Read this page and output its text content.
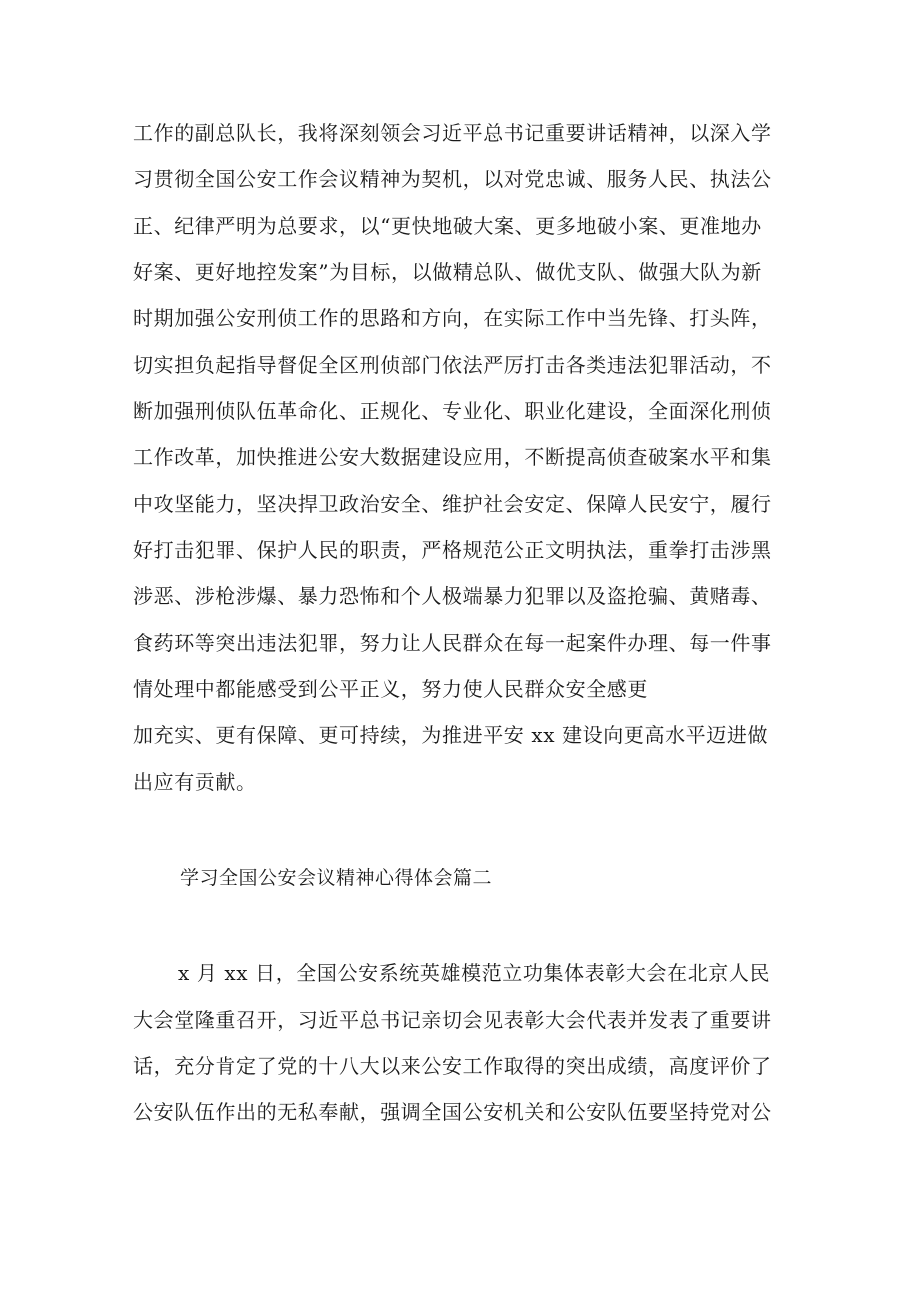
工作的副总队长，我将深刻领会习近平总书记重要讲话精神，以深入学
习贯彻全国公安工作会议精神为契机，以对党忠诚、服务人民、执法公
正、纪律严明为总要求，以“更快地破大案、更多地破小案、更准地办
好案、更好地控发案”为目标，以做精总队、做优支队、做强大队为新
时期加强公安刑侦工作的思路和方向，在实际工作中当先锋、打头阵，
切实担负起指导督促全区刑侦部门依法严厉打击各类违法犯罪活动，不
断加强刑侦队伍革命化、正规化、专业化、职业化建设，全面深化刑侦
工作改革，加快推进公安大数据建设应用，不断提高侦查破案水平和集
中攻坚能力，坚决捍卫政治安全、维护社会安定、保障人民安宁，履行
好打击犯罪、保护人民的职责，严格规范公正文明执法，重拳打击涉黑
涉恶、涉枪涉爆、暴力恐怖和个人极端暴力犯罪以及盗抢骗、黄赌毒、
食药环等突出违法犯罪，努力让人民群众在每一起案件办理、每一件事
情处理中都能感受到公平正义，努力使人民群众安全感更
加充实、更有保障、更可持续，为推进平安 xx 建设向更高水平迈进做
出应有贡献。
学习全国公安会议精神心得体会篇二
x 月 xx 日，全国公安系统英雄模范立功集体表彰大会在北京人民
大会堂隆重召开，习近平总书记亲切会见表彰大会代表并发表了重要讲
话，充分肯定了党的十八大以来公安工作取得的突出成绩，高度评价了
公安队伍作出的无私奉献，强调全国公安机关和公安队伍要坚持党对公
